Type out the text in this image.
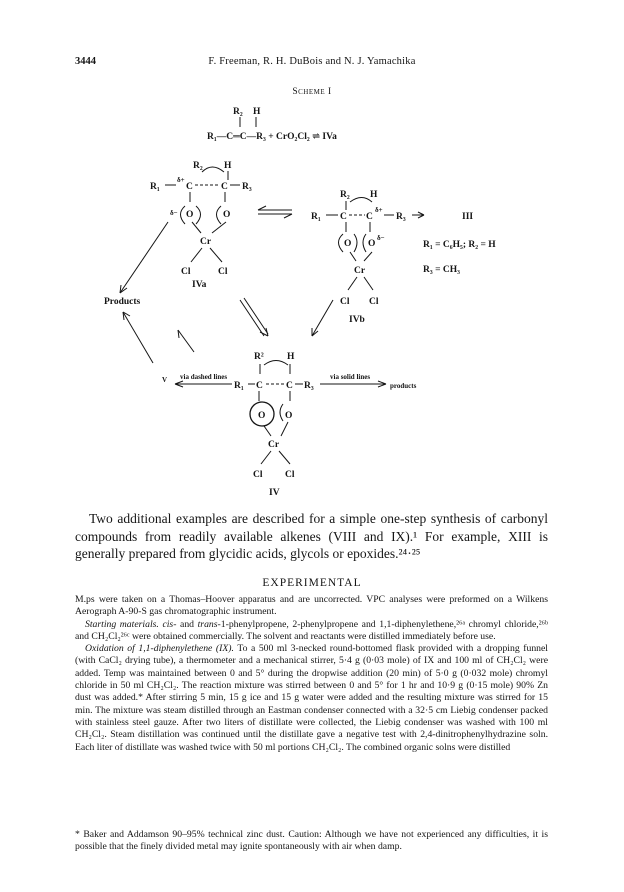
3444	F. Freeman, R. H. DuBois and N. J. Yamachika
Scheme I
R₂ H
R₁—C═C—R₃ + CrO₂Cl₂ ⇌ IVa
R₂ H
R₁
δ+
C	C R₃
δ− O	O
Cr
Cl	Cl
IVa
R₂ H
R₁ C C
δ+
R₃
O O
δ−
Cr
Cl Cl
IVb
III
R₁ = C₆H₅; R₂ = H
R₃ = CH₃
Products
R² H
V via dashed lines
R₁ C C R₃
via solid lines
products
O O
Cr
Cl Cl
IV

Two additional examples are described for a simple one-step synthesis of carbonyl compounds from readily available alkenes (VIII and IX).¹ For example, XIII is generally prepared from glycidic acids, glycols or epoxides.²⁴·²⁵

EXPERIMENTAL

M.ps were taken on a Thomas–Hoover apparatus and are uncorrected. VPC analyses were preformed on a Wilkens Aerograph A-90-S gas chromatographic instrument.

Starting materials. cis- and trans-1-phenylpropene, 2-phenylpropene and 1,1-diphenylethene,²⁶ᵃ chromyl chloride,²⁶ᵇ and CH₂Cl₂²⁶ᶜ were obtained commercially. The solvent and reactants were distilled immediately before use.

Oxidation of 1,1-diphenylethene (IX). To a 500 ml 3-necked round-bottomed flask provided with a dropping funnel (with CaCl₂ drying tube), a thermometer and a mechanical stirrer, 5·4 g (0·03 mole) of IX and 100 ml of CH₂Cl₂ were added. Temp was maintained between 0 and 5° during the dropwise addition (20 min) of 5·0 g (0·032 mole) chromyl chloride in 50 ml CH₂Cl₂. The reaction mixture was stirred between 0 and 5° for 1 hr and 10·9 g (0·15 mole) 90% Zn dust was added.* After stirring 5 min, 15 g ice and 15 g water were added and the resulting mixture was stirred for 15 min. The mixture was steam distilled through an Eastman condenser connected with a 32·5 cm Liebig condenser packed with stainless steel gauze. After two liters of distillate were collected, the Liebig condenser was washed with 100 ml CH₂Cl₂. Steam distillation was continued until the distillate gave a negative test with 2,4-dinitrophenylhydrazine soln. Each liter of distillate was washed twice with 50 ml portions CH₂Cl₂. The combined organic solns were distilled

* Baker and Addamson 90–95% technical zinc dust. Caution: Although we have not experienced any difficulties, it is possible that the finely divided metal may ignite spontaneously with air when damp.
